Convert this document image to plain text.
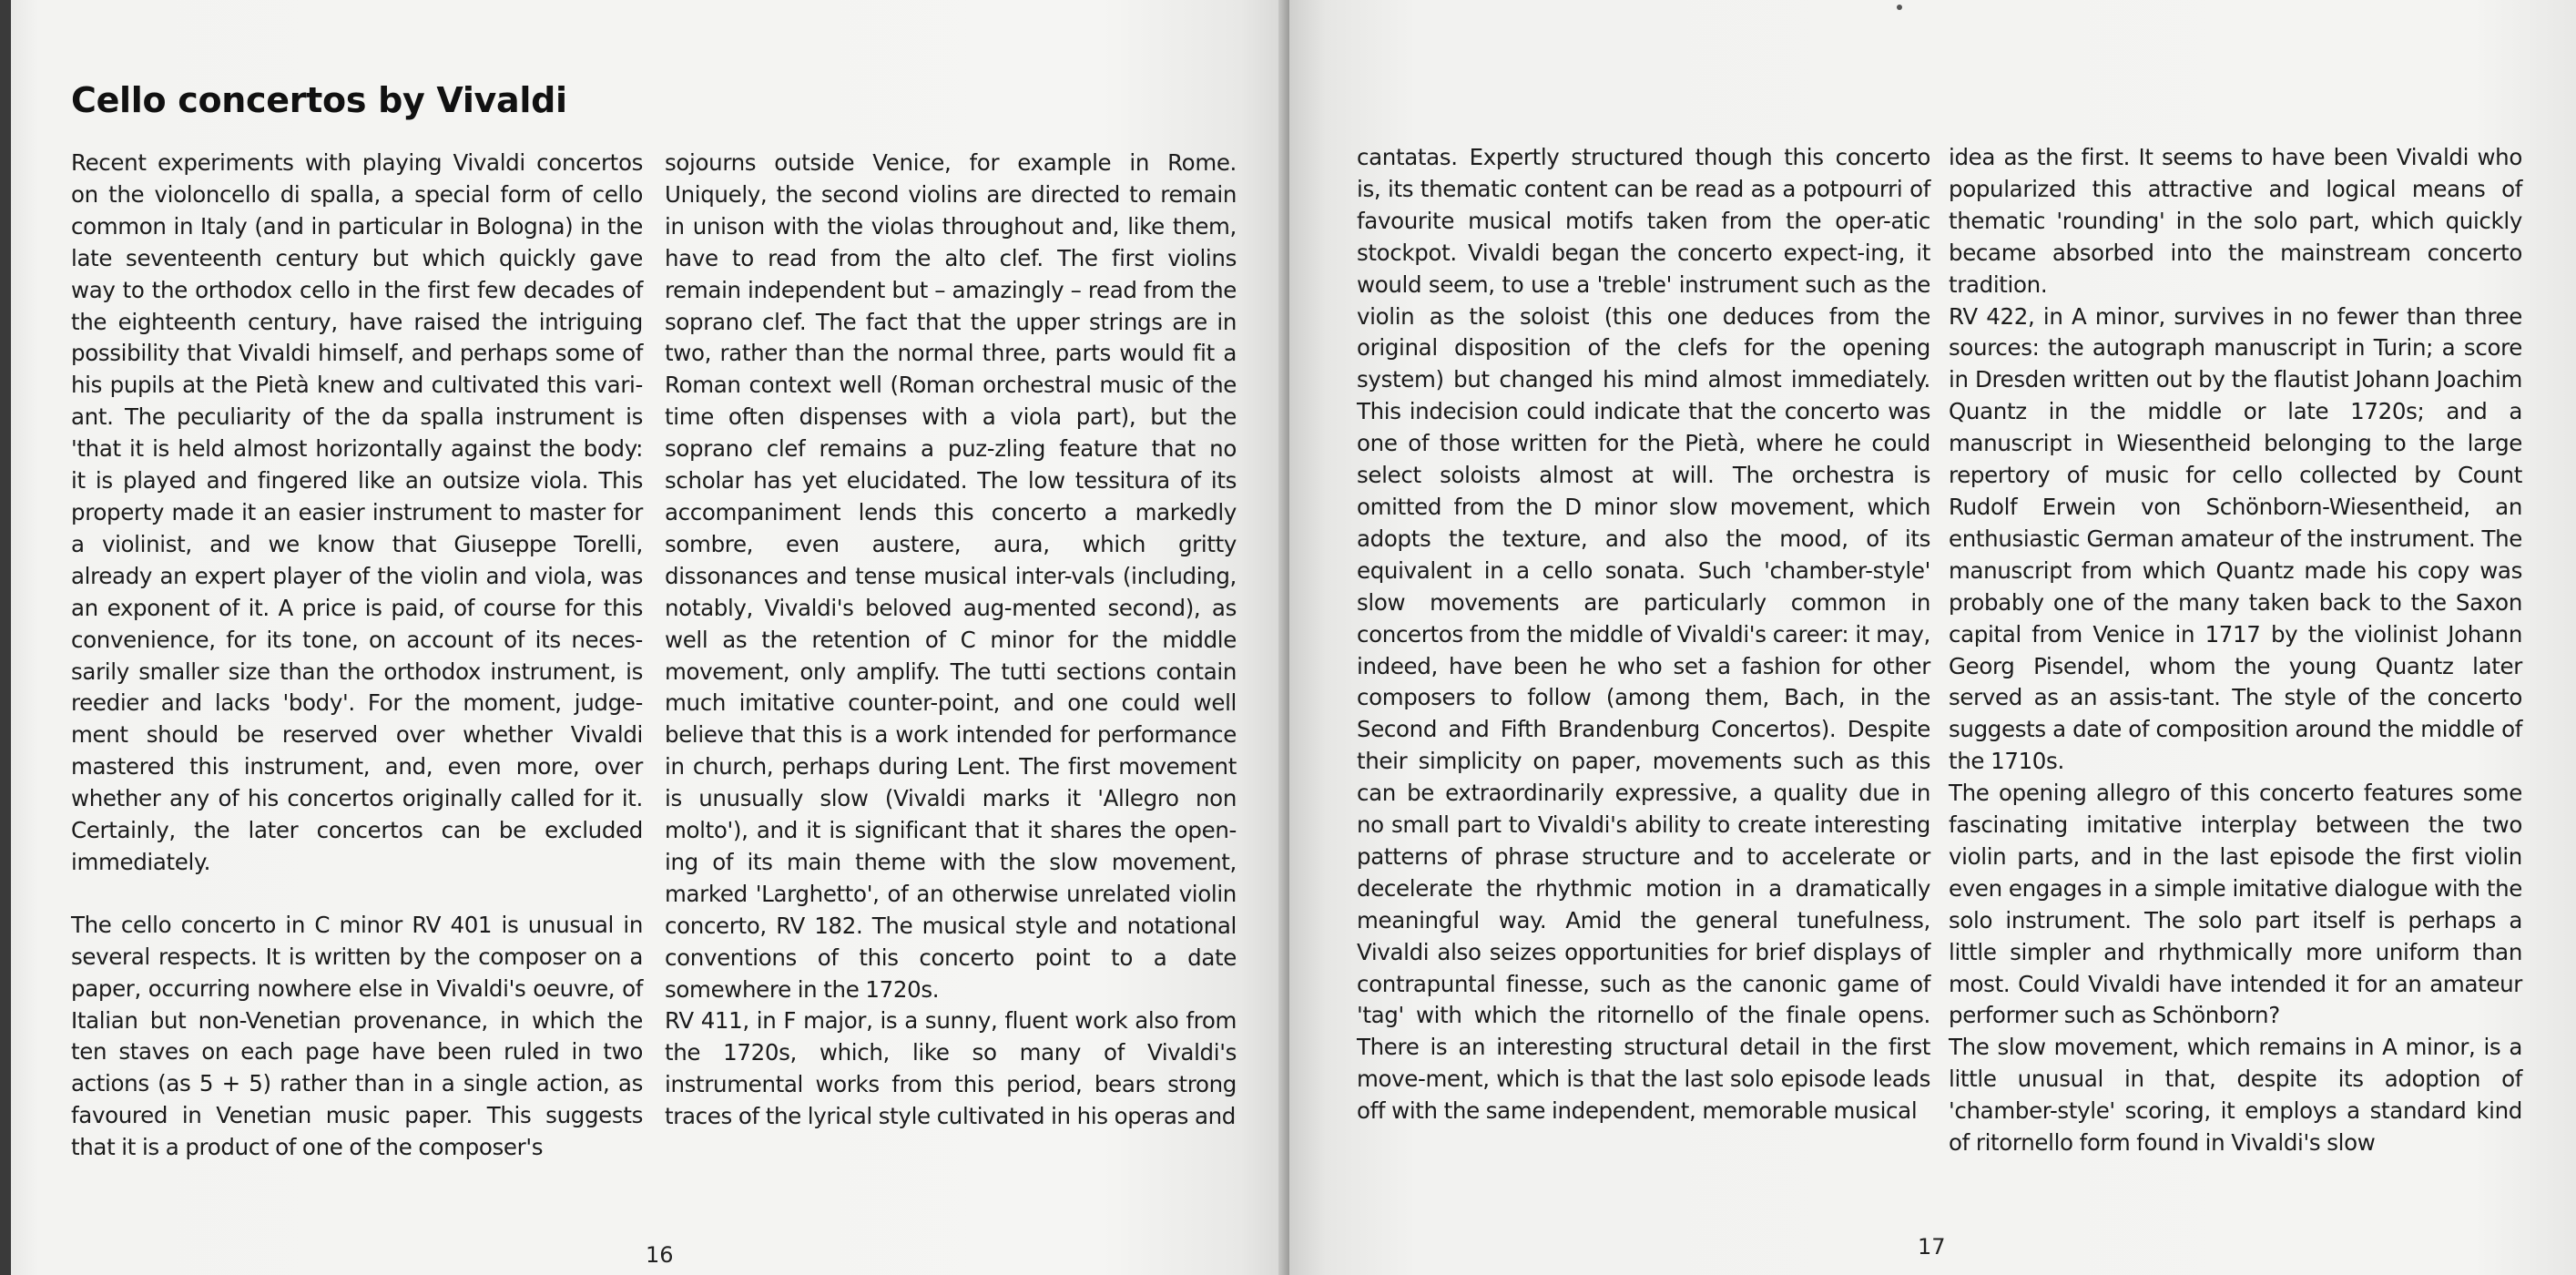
Cello concertos by Vivaldi

Recent experiments with playing Vivaldi concertos on the violoncello di spalla, a special form of cello common in Italy (and in particular in Bologna) in the late seventeenth century but which quickly gave way to the orthodox cello in the first few decades of the eighteenth century, have raised the intriguing possibility that Vivaldi himself, and perhaps some of his pupils at the Pietà knew and cultivated this vari-ant. The peculiarity of the da spalla instrument is 'that it is held almost horizontally against the body: it is played and fingered like an outsize viola. This property made it an easier instrument to master for a violinist, and we know that Giuseppe Torelli, already an expert player of the violin and viola, was an exponent of it. A price is paid, of course for this convenience, for its tone, on account of its neces-sarily smaller size than the orthodox instrument, is reedier and lacks 'body'. For the moment, judge-ment should be reserved over whether Vivaldi mastered this instrument, and, even more, over whether any of his concertos originally called for it. Certainly, the later concertos can be excluded immediately.

The cello concerto in C minor RV 401 is unusual in several respects. It is written by the composer on a paper, occurring nowhere else in Vivaldi's oeuvre, of Italian but non-Venetian provenance, in which the ten staves on each page have been ruled in two actions (as 5 + 5) rather than in a single action, as favoured in Venetian music paper. This suggests that it is a product of one of the composer's

sojourns outside Venice, for example in Rome. Uniquely, the second violins are directed to remain in unison with the violas throughout and, like them, have to read from the alto clef. The first violins remain independent but – amazingly – read from the soprano clef. The fact that the upper strings are in two, rather than the normal three, parts would fit a Roman context well (Roman orchestral music of the time often dispenses with a viola part), but the soprano clef remains a puz-zling feature that no scholar has yet elucidated. The low tessitura of its accompaniment lends this concerto a markedly sombre, even austere, aura, which gritty dissonances and tense musical inter-vals (including, notably, Vivaldi's beloved aug-mented second), as well as the retention of C minor for the middle movement, only amplify. The tutti sections contain much imitative counter-point, and one could well believe that this is a work intended for performance in church, perhaps during Lent. The first movement is unusually slow (Vivaldi marks it 'Allegro non molto'), and it is significant that it shares the open-ing of its main theme with the slow movement, marked 'Larghetto', of an otherwise unrelated violin concerto, RV 182. The musical style and notational conventions of this concerto point to a date somewhere in the 1720s.

RV 411, in F major, is a sunny, fluent work also from the 1720s, which, like so many of Vivaldi's instrumental works from this period, bears strong traces of the lyrical style cultivated in his operas and

16

cantatas. Expertly structured though this concerto is, its thematic content can be read as a potpourri of favourite musical motifs taken from the oper-atic stockpot. Vivaldi began the concerto expect-ing, it would seem, to use a 'treble' instrument such as the violin as the soloist (this one deduces from the original disposition of the clefs for the opening system) but changed his mind almost immediately. This indecision could indicate that the concerto was one of those written for the Pietà, where he could select soloists almost at will. The orchestra is omitted from the D minor slow movement, which adopts the texture, and also the mood, of its equivalent in a cello sonata. Such 'chamber-style' slow movements are particularly common in concertos from the middle of Vivaldi's career: it may, indeed, have been he who set a fashion for other composers to follow (among them, Bach, in the Second and Fifth Brandenburg Concertos). Despite their simplicity on paper, movements such as this can be extraordinarily expressive, a quality due in no small part to Vivaldi's ability to create interesting patterns of phrase structure and to accelerate or decelerate the rhythmic motion in a dramatically meaningful way. Amid the general tunefulness, Vivaldi also seizes opportunities for brief displays of contrapuntal finesse, such as the canonic game of 'tag' with which the ritornello of the finale opens. There is an interesting structural detail in the first move-ment, which is that the last solo episode leads off with the same independent, memorable musical

idea as the first. It seems to have been Vivaldi who popularized this attractive and logical means of thematic 'rounding' in the solo part, which quickly became absorbed into the mainstream concerto tradition.

RV 422, in A minor, survives in no fewer than three sources: the autograph manuscript in Turin; a score in Dresden written out by the flautist Johann Joachim Quantz in the middle or late 1720s; and a manuscript in Wiesentheid belonging to the large repertory of music for cello collected by Count Rudolf Erwein von Schönborn-Wiesentheid, an enthusiastic German amateur of the instrument. The manuscript from which Quantz made his copy was probably one of the many taken back to the Saxon capital from Venice in 1717 by the violinist Johann Georg Pisendel, whom the young Quantz later served as an assis-tant. The style of the concerto suggests a date of composition around the middle of the 1710s.

The opening allegro of this concerto features some fascinating imitative interplay between the two violin parts, and in the last episode the first violin even engages in a simple imitative dialogue with the solo instrument. The solo part itself is perhaps a little simpler and rhythmically more uniform than most. Could Vivaldi have intended it for an amateur performer such as Schönborn?

The slow movement, which remains in A minor, is a little unusual in that, despite its adoption of 'chamber-style' scoring, it employs a standard kind of ritornello form found in Vivaldi's slow

17
